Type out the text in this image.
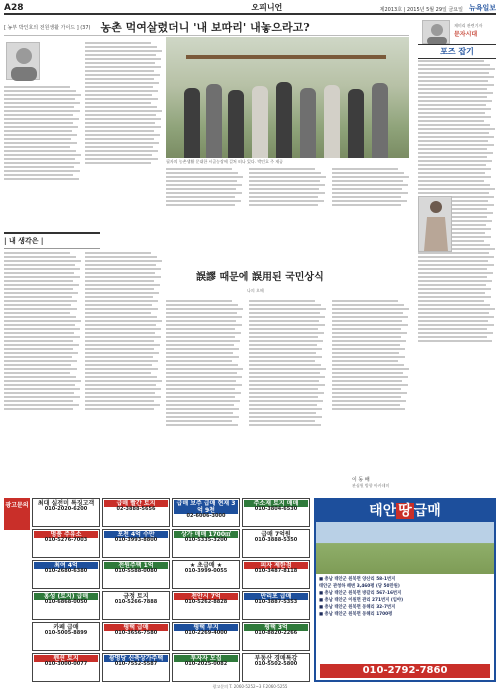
A28	오피니언	제2013호 | 2015년 5월 29일 금요일 뉴욕일보
[ 농부 박인호의 전원생활 가이드 ] (37) 농촌 먹여살렸더니 '내 보따리' 내놓으라고?
필자의 농촌생활 문대한 시골농장에 걸쳐 떠나 있다. 박인호 주 제공
재미리 관련기자
문자시대
포즈 잡기
| 내 생각은 |
誤謬 때문에 誤用된 국민상식
나의 오해
이 동 배
관심원 방향 아카데미
광고문의	최대 실전미 특징고객
010-2020-6200
급매 빨간 토지
02-3888-5656
급매 보주 급매 현재 3억 9천
02-6006-3000
주소재 토지 매매
010-3804-6530
명품 주유소
010-5276-7003
포천 4억 수만
010-3993-8800
상가 매매 1700㎡
010-5335-3200
급매 7억원
010-3888-5350
최여 4억
010-2680-6380
전원주택 1억
010-5588-0080
★ 초급매 ★
010-3999-0055
피자 제한점
010-3487-8118
홍성 (토지) 급매
010-6868-0050
금정 토지
010-5266-7888
천안시 7억
010-5262-8828
만리포 급매
010-3887-5353
카페 급매
010-5005-8899
평택 급매
010-3656-7580
평택 부지
010-2269-4000
평택 3억
010-8820-2266
펜션 토지
010-3000-0077
광명당 신축상가주택
010-7552-5587
투자자 모집
010-2025-0082
부동산 경매특강
010-5502-5800
태안 땅 급매
■ 충남 태안군 원북면 양산리 58-1번지
태안군 관청하 해변 3,460평 (당 50만원)
■ 충남 태안군 원북면 방갈리 567-16번지
■ 충남 태안군 이원면 관리 271번지 (임야)
■ 충남 태안군 원북면 동해리 32-7번지
■ 충남 태안군 원북면 동해리 1700평
010-2792-7860
광고문의 T. 2060-5252~3 F.2060-5255
